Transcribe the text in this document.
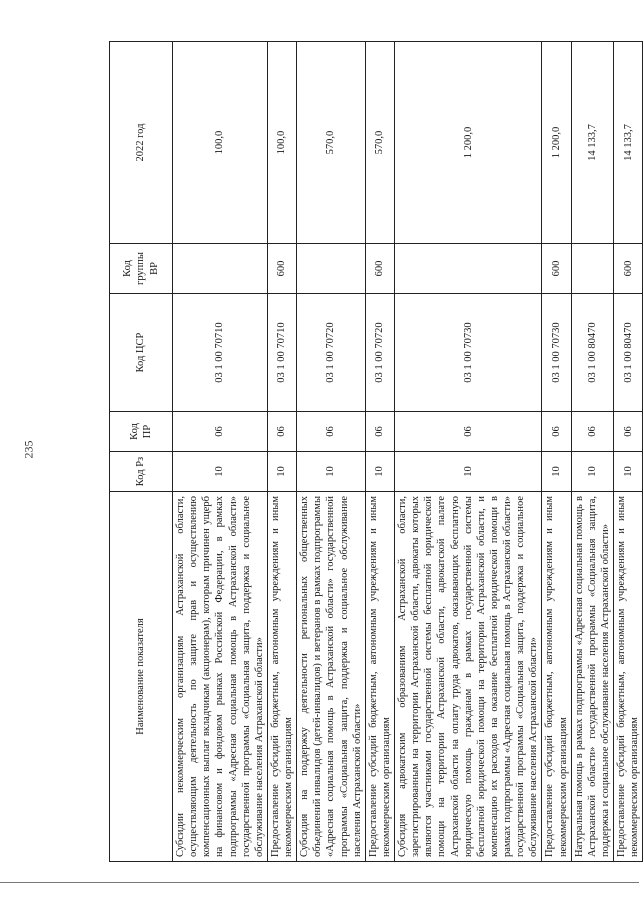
235
Наименование показателя	Код Рз	Код ПР	Код ЦСР	Код группы ВР	2022 год
Субсидии некоммерческим организациям Астраханской области, осуществляющим деятельность по защите прав и осуществлению компенсационных выплат вкладчикам (акционерам), которым причинен ущерб на финансовом и фондовом рынках Российской Федерации, в рамках подпрограммы «Адресная социальная помощь в Астраханской области» государственной программы «Социальная защита, поддержка и социальное обслуживание населения Астраханской области»	10	06	03 1 00 70710		100,0
Предоставление субсидий бюджетным, автономным учреждениям и иным некоммерческим организациям	10	06	03 1 00 70710	600	100,0
Субсидия на поддержку деятельности региональных общественных объединений инвалидов (детей-инвалидов) и ветеранов в рамках подпрограммы «Адресная социальная помощь в Астраханской области» государственной программы «Социальная защита, поддержка и социальное обслуживание населения Астраханской области»	10	06	03 1 00 70720		570,0
Предоставление субсидий бюджетным, автономным учреждениям и иным некоммерческим организациям	10	06	03 1 00 70720	600	570,0
Субсидия адвокатским образованиям Астраханской области, зарегистрированным на территории Астраханской области, адвокаты которых являются участниками государственной системы бесплатной юридической помощи на территории Астраханской области, адвокатской палате Астраханской области на оплату труда адвокатов, оказывающих бесплатную юридическую помощь гражданам в рамках государственной системы бесплатной юридической помощи на территории Астраханской области, и компенсацию их расходов на оказание бесплатной юридической помощи в рамках подпрограммы «Адресная социальная помощь в Астраханской области» государственной программы «Социальная защита, поддержка и социальное обслуживание населения Астраханской области»	10	06	03 1 00 70730		1 200,0
Предоставление субсидий бюджетным, автономным учреждениям и иным некоммерческим организациям	10	06	03 1 00 70730	600	1 200,0
Натуральная помощь в рамках подпрограммы «Адресная социальная помощь в Астраханской области» государственной программы «Социальная защита, поддержка и социальное обслуживание населения Астраханской области»	10	06	03 1 00 80470		14 133,7
Предоставление субсидий бюджетным, автономным учреждениям и иным некоммерческим организациям	10	06	03 1 00 80470	600	14 133,7
